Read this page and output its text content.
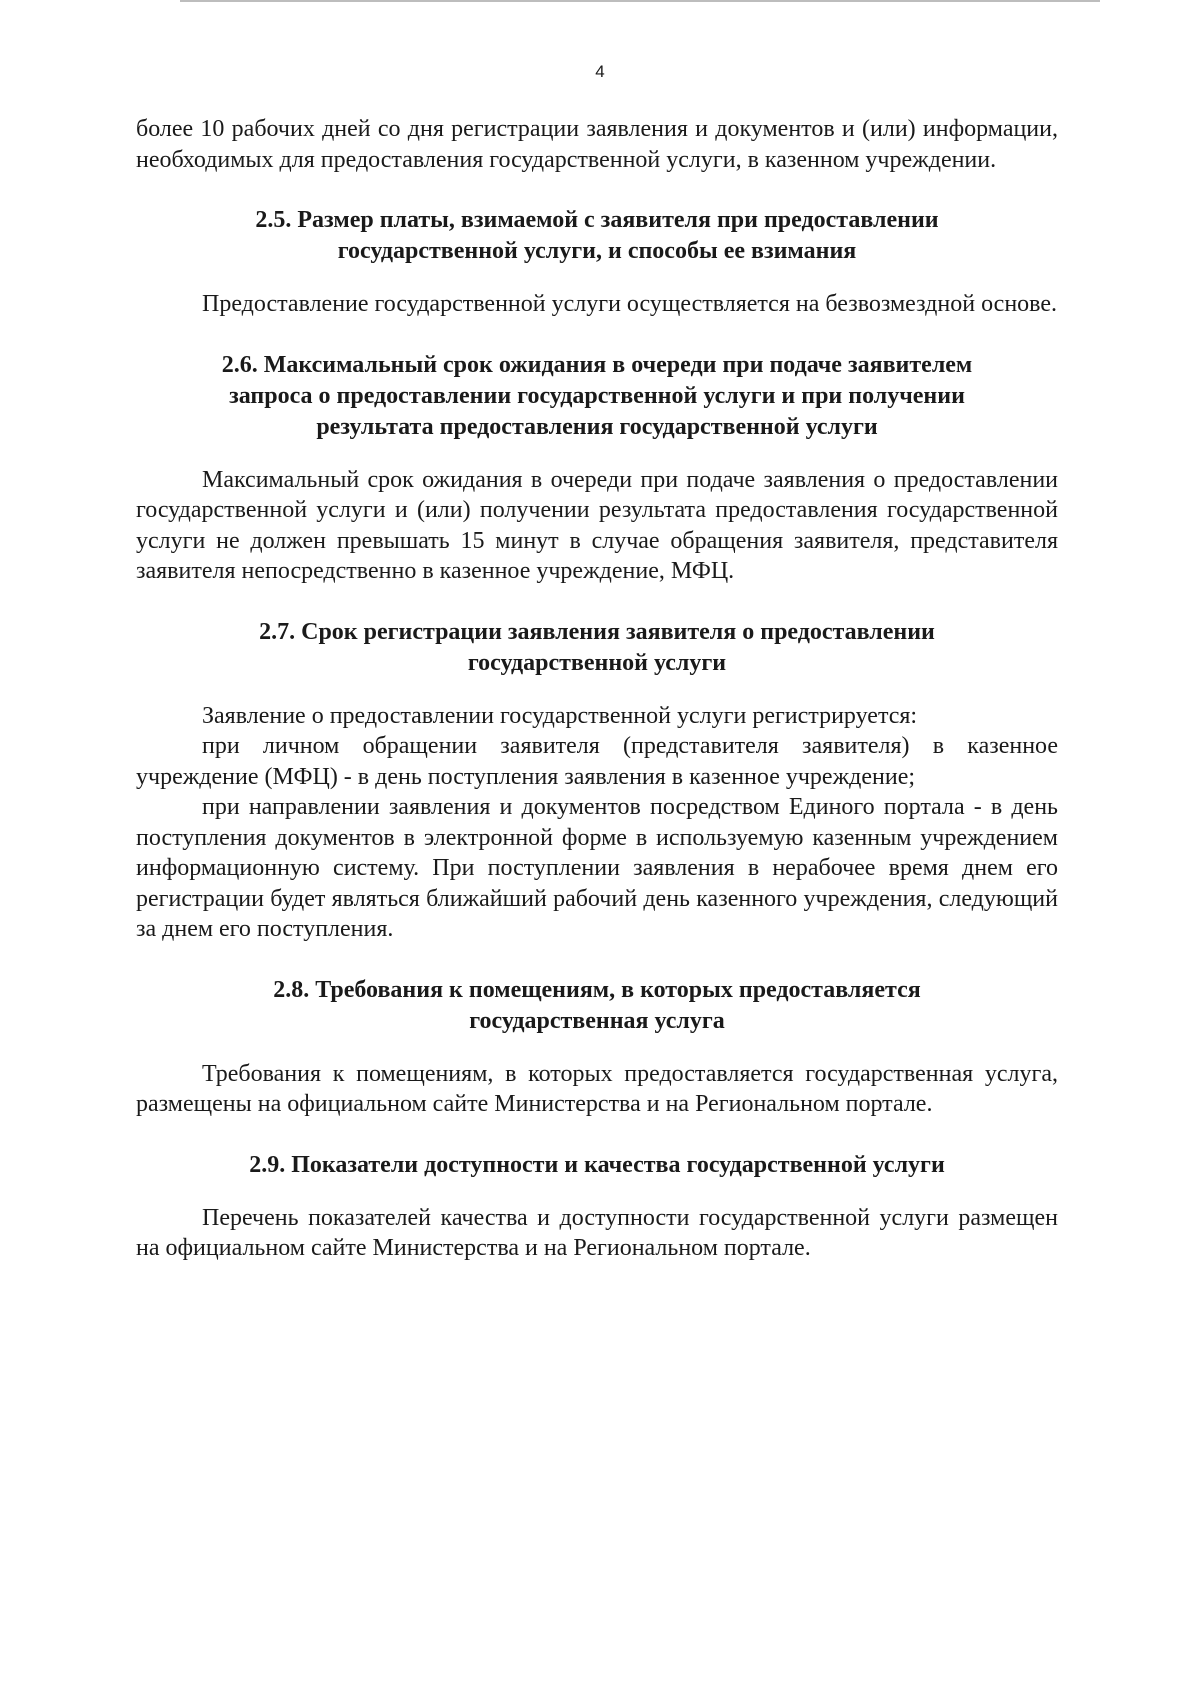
4

более 10 рабочих дней со дня регистрации заявления и документов и (или) информации, необходимых для предоставления государственной услуги, в казенном учреждении.

2.5. Размер платы, взимаемой с заявителя при предоставлении
государственной услуги, и способы ее взимания

Предоставление государственной услуги осуществляется на безвозмездной основе.

2.6. Максимальный срок ожидания в очереди при подаче заявителем
запроса о предоставлении государственной услуги и при получении
результата предоставления государственной услуги

Максимальный срок ожидания в очереди при подаче заявления о предоставлении государственной услуги и (или) получении результата предоставления государственной услуги не должен превышать 15 минут в случае обращения заявителя, представителя заявителя непосредственно в казенное учреждение, МФЦ.

2.7. Срок регистрации заявления заявителя о предоставлении
государственной услуги

Заявление о предоставлении государственной услуги регистрируется:

при личном обращении заявителя (представителя заявителя) в казенное учреждение (МФЦ) - в день поступления заявления в казенное учреждение;

при направлении заявления и документов посредством Единого портала - в день поступления документов в электронной форме в используемую казенным учреждением информационную систему. При поступлении заявления в нерабочее время днем его регистрации будет являться ближайший рабочий день казенного учреждения, следующий за днем его поступления.

2.8. Требования к помещениям, в которых предоставляется
государственная услуга

Требования к помещениям, в которых предоставляется государственная услуга, размещены на официальном сайте Министерства и на Региональном портале.

2.9. Показатели доступности и качества государственной услуги

Перечень показателей качества и доступности государственной услуги размещен на официальном сайте Министерства и на Региональном портале.
